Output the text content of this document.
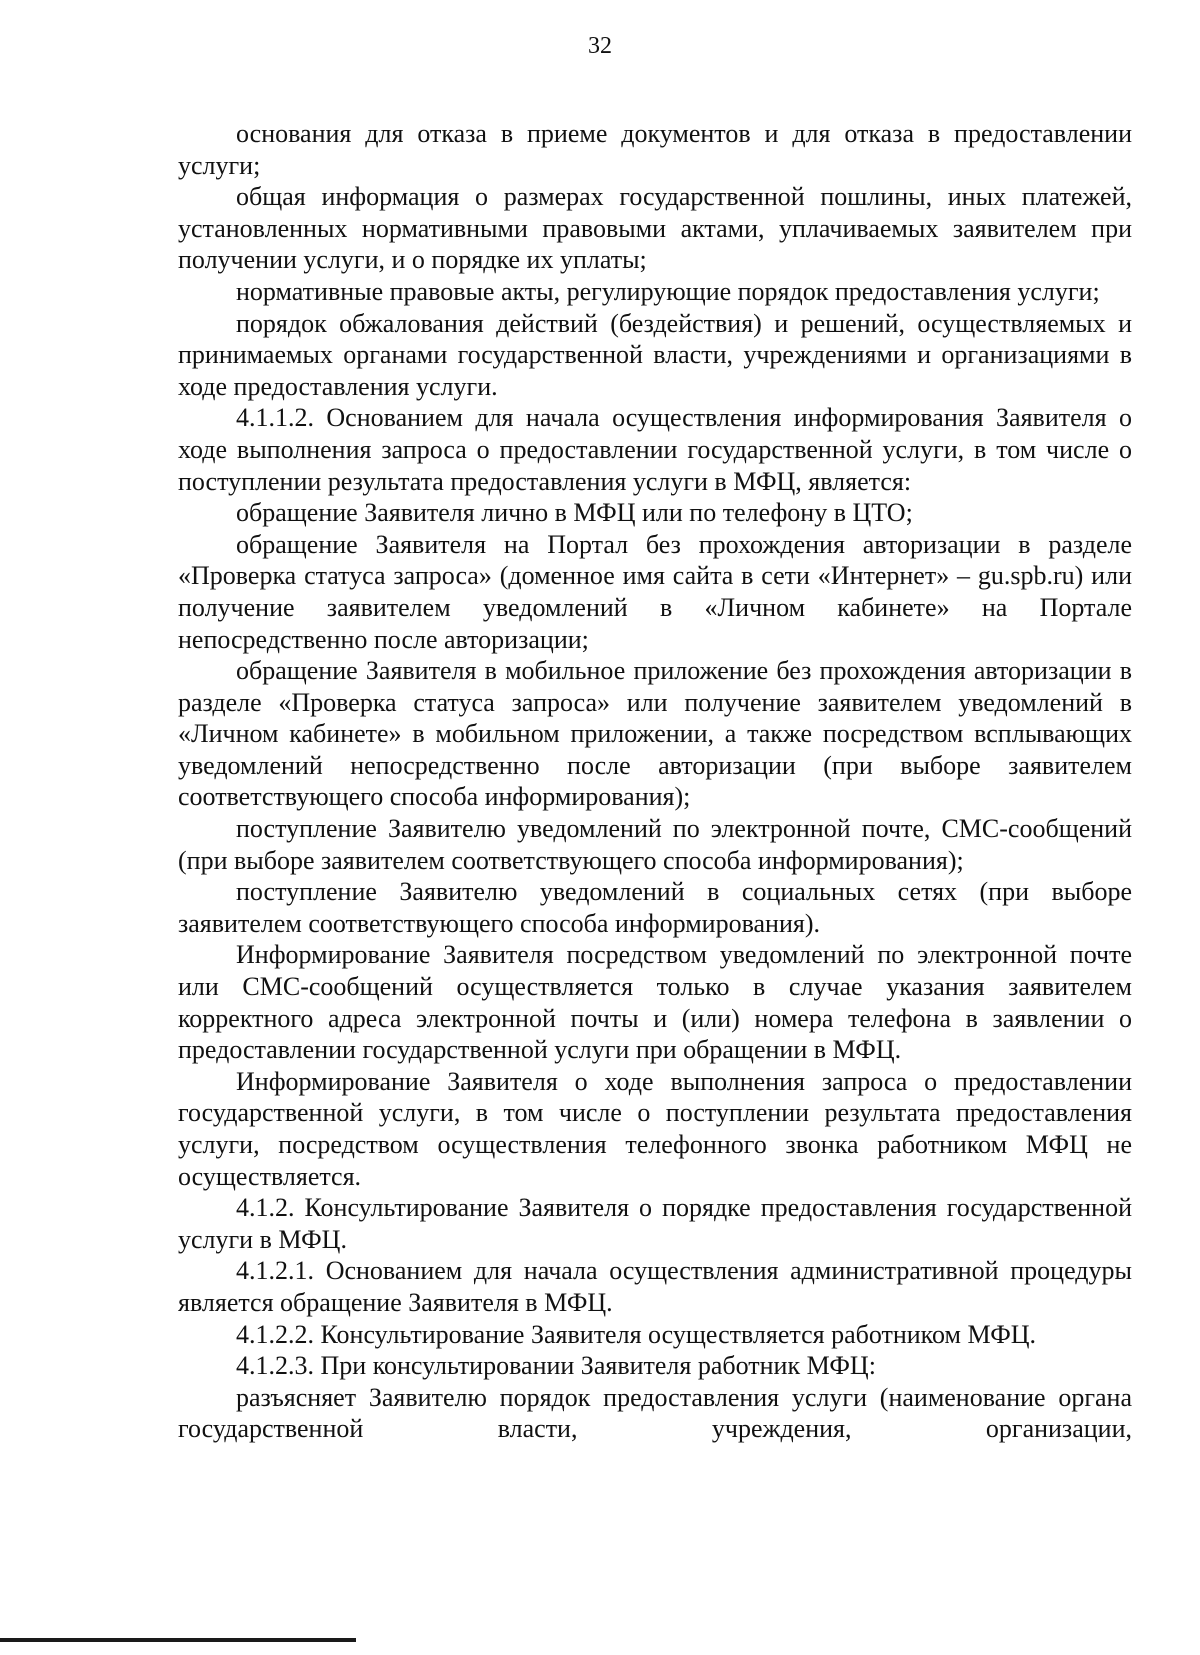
32

основания для отказа в приеме документов и для отказа в предоставлении услуги;

общая информация о размерах государственной пошлины, иных платежей, установленных нормативными правовыми актами, уплачиваемых заявителем при получении услуги, и о порядке их уплаты;

нормативные правовые акты, регулирующие порядок предоставления услуги;

порядок обжалования действий (бездействия) и решений, осуществляемых и принимаемых органами государственной власти, учреждениями и организациями в ходе предоставления услуги.

4.1.1.2. Основанием для начала осуществления информирования Заявителя о ходе выполнения запроса о предоставлении государственной услуги, в том числе о поступлении результата предоставления услуги в МФЦ, является:

обращение Заявителя лично в МФЦ или по телефону в ЦТО;

обращение Заявителя на Портал без прохождения авторизации в разделе «Проверка статуса запроса» (доменное имя сайта в сети «Интернет» – gu.spb.ru) или получение заявителем уведомлений в «Личном кабинете» на Портале непосредственно после авторизации;

обращение Заявителя в мобильное приложение без прохождения авторизации в разделе «Проверка статуса запроса» или получение заявителем уведомлений в «Личном кабинете» в мобильном приложении, а также посредством всплывающих уведомлений непосредственно после авторизации (при выборе заявителем соответствующего способа информирования);

поступление Заявителю уведомлений по электронной почте, СМС-сообщений (при выборе заявителем соответствующего способа информирования);

поступление Заявителю уведомлений в социальных сетях (при выборе заявителем соответствующего способа информирования).

Информирование Заявителя посредством уведомлений по электронной почте или СМС-сообщений осуществляется только в случае указания заявителем корректного адреса электронной почты и (или) номера телефона в заявлении о предоставлении государственной услуги при обращении в МФЦ.

Информирование Заявителя о ходе выполнения запроса о предоставлении государственной услуги, в том числе о поступлении результата предоставления услуги, посредством осуществления телефонного звонка работником МФЦ не осуществляется.

4.1.2. Консультирование Заявителя о порядке предоставления государственной услуги в МФЦ.

4.1.2.1. Основанием для начала осуществления административной процедуры является обращение Заявителя в МФЦ.

4.1.2.2. Консультирование Заявителя осуществляется работником МФЦ.

4.1.2.3. При консультировании Заявителя работник МФЦ:

разъясняет Заявителю порядок предоставления услуги (наименование органа государственной власти, учреждения, организации,
